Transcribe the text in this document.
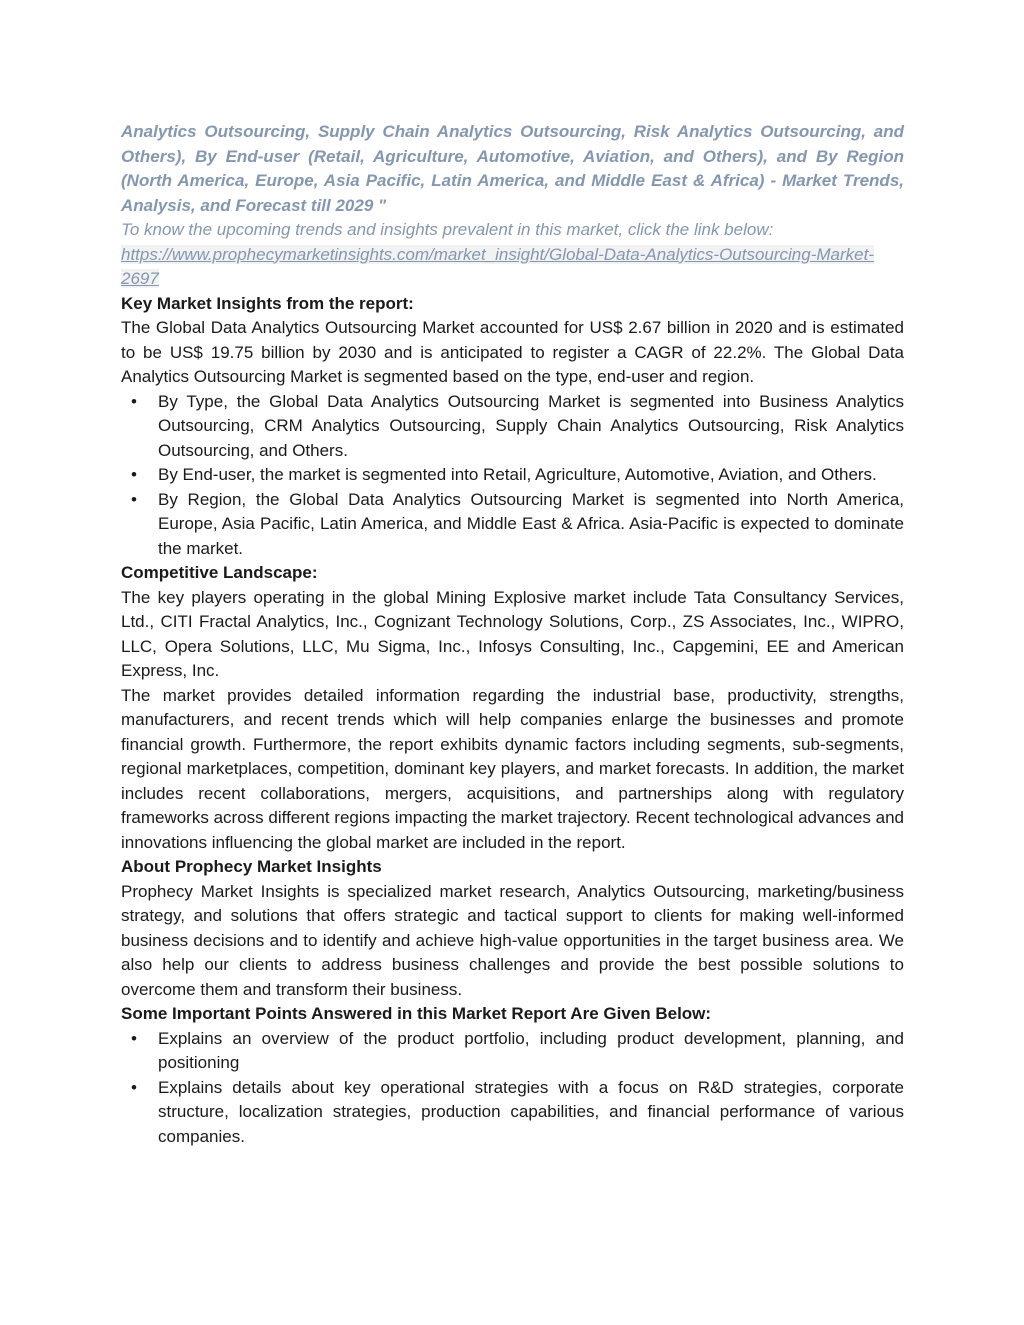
Analytics Outsourcing, Supply Chain Analytics Outsourcing, Risk Analytics Outsourcing, and Others), By End-user (Retail, Agriculture, Automotive, Aviation, and Others), and By Region (North America, Europe, Asia Pacific, Latin America, and Middle East & Africa) - Market Trends, Analysis, and Forecast till 2029 "

To know the upcoming trends and insights prevalent in this market, click the link below:

https://www.prophecymarketinsights.com/market_insight/Global-Data-Analytics-Outsourcing-Market-2697

Key Market Insights from the report:

The Global Data Analytics Outsourcing Market accounted for US$ 2.67 billion in 2020 and is estimated to be US$ 19.75 billion by 2030 and is anticipated to register a CAGR of 22.2%. The Global Data Analytics Outsourcing Market is segmented based on the type, end-user and region.

• By Type, the Global Data Analytics Outsourcing Market is segmented into Business Analytics Outsourcing, CRM Analytics Outsourcing, Supply Chain Analytics Outsourcing, Risk Analytics Outsourcing, and Others.
• By End-user, the market is segmented into Retail, Agriculture, Automotive, Aviation, and Others.
• By Region, the Global Data Analytics Outsourcing Market is segmented into North America, Europe, Asia Pacific, Latin America, and Middle East & Africa. Asia-Pacific is expected to dominate the market.
Competitive Landscape:

The key players operating in the global Mining Explosive market include Tata Consultancy Services, Ltd., CITI Fractal Analytics, Inc., Cognizant Technology Solutions, Corp., ZS Associates, Inc., WIPRO, LLC, Opera Solutions, LLC, Mu Sigma, Inc., Infosys Consulting, Inc., Capgemini, EE and American Express, Inc.

The market provides detailed information regarding the industrial base, productivity, strengths, manufacturers, and recent trends which will help companies enlarge the businesses and promote financial growth. Furthermore, the report exhibits dynamic factors including segments, sub-segments, regional marketplaces, competition, dominant key players, and market forecasts. In addition, the market includes recent collaborations, mergers, acquisitions, and partnerships along with regulatory frameworks across different regions impacting the market trajectory. Recent technological advances and innovations influencing the global market are included in the report.

About Prophecy Market Insights

Prophecy Market Insights is specialized market research, Analytics Outsourcing, marketing/business strategy, and solutions that offers strategic and tactical support to clients for making well-informed business decisions and to identify and achieve high-value opportunities in the target business area. We also help our clients to address business challenges and provide the best possible solutions to overcome them and transform their business.

Some Important Points Answered in this Market Report Are Given Below:
• Explains an overview of the product portfolio, including product development, planning, and positioning
• Explains details about key operational strategies with a focus on R&D strategies, corporate structure, localization strategies, production capabilities, and financial performance of various companies.
